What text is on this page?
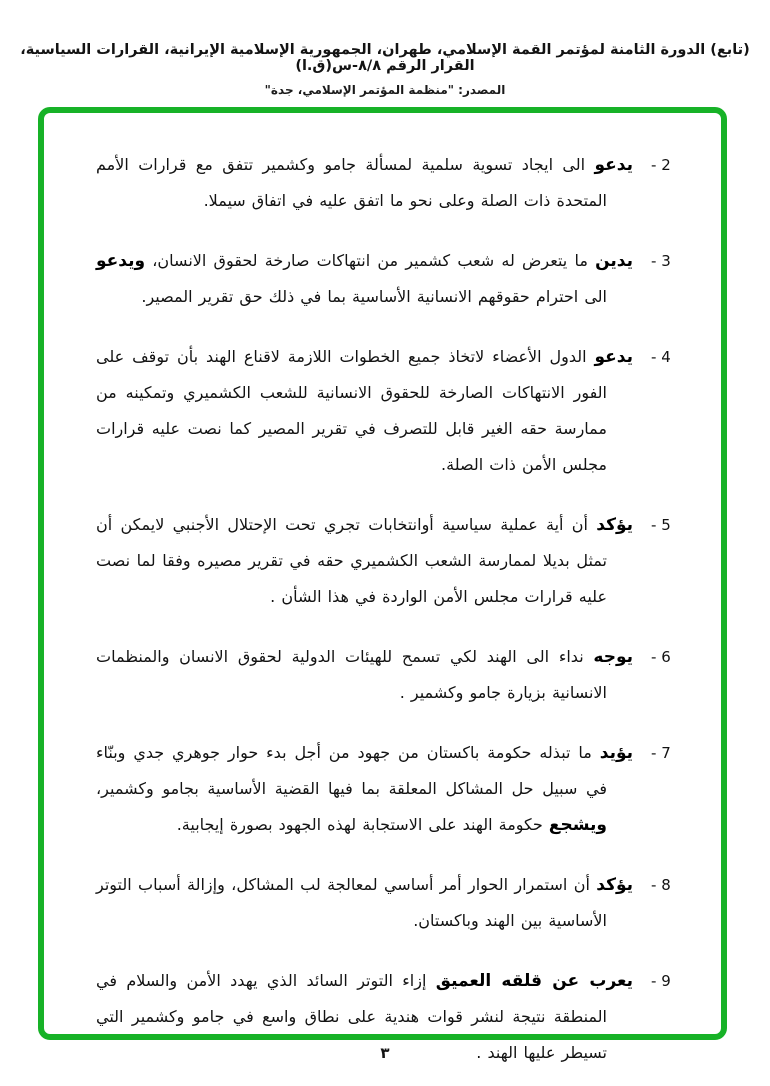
(تابع) الدورة الثامنة لمؤتمر القمة الإسلامي، طهران، الجمهورية الإسلامية الإيرانية، القرارات السياسية، القرار الرقم ٨/٨-س(ق.ا)
المصدر: "منظمة المؤتمر الإسلامي، جدة"
2 -

يدعو الى ايجاد تسوية سلمية لمسألة جامو وكشمير تتفق مع قرارات الأمم المتحدة ذات الصلة وعلى نحو ما اتفق عليه في اتفاق سيملا.

3 -

يدين ما يتعرض له شعب كشمير من انتهاكات صارخة لحقوق الانسان، ويدعو الى احترام حقوقهم الانسانية الأساسية بما في ذلك حق تقرير المصير.

4 -

يدعو الدول الأعضاء لاتخاذ جميع الخطوات اللازمة لاقناع الهند بأن توقف على الفور الانتهاكات الصارخة للحقوق الانسانية للشعب الكشميري وتمكينه من ممارسة حقه الغير قابل للتصرف في تقرير المصير كما نصت عليه قرارات مجلس الأمن ذات الصلة.

5 -

يؤكد أن أية عملية سياسية أوانتخابات تجري تحت الإحتلال الأجنبي لايمكن أن تمثل بديلا لممارسة الشعب الكشميري حقه في تقرير مصيره وفقا لما نصت عليه قرارات مجلس الأمن الواردة في هذا الشأن .

6 -

يوجه نداء الى الهند لكي تسمح للهيئات الدولية لحقوق الانسان والمنظمات الانسانية بزيارة جامو وكشمير .

7 -

يؤيد ما تبذله حكومة باكستان من جهود من أجل بدء حوار جوهري جدي وبنّاء في سبيل حل المشاكل المعلقة بما فيها القضية الأساسية بجامو وكشمير، ويشجع حكومة الهند على الاستجابة لهذه الجهود بصورة إيجابية.

8 -

يؤكد أن استمرار الحوار أمر أساسي لمعالجة لب المشاكل، وإزالة أسباب التوتر الأساسية بين الهند وباكستان.

9 -

يعرب عن قلقه العميق إزاء التوتر السائد الذي يهدد الأمن والسلام في المنطقة نتيجة لنشر قوات هندية على نطاق واسع في جامو وكشمير التي تسيطر عليها الهند .

٣
